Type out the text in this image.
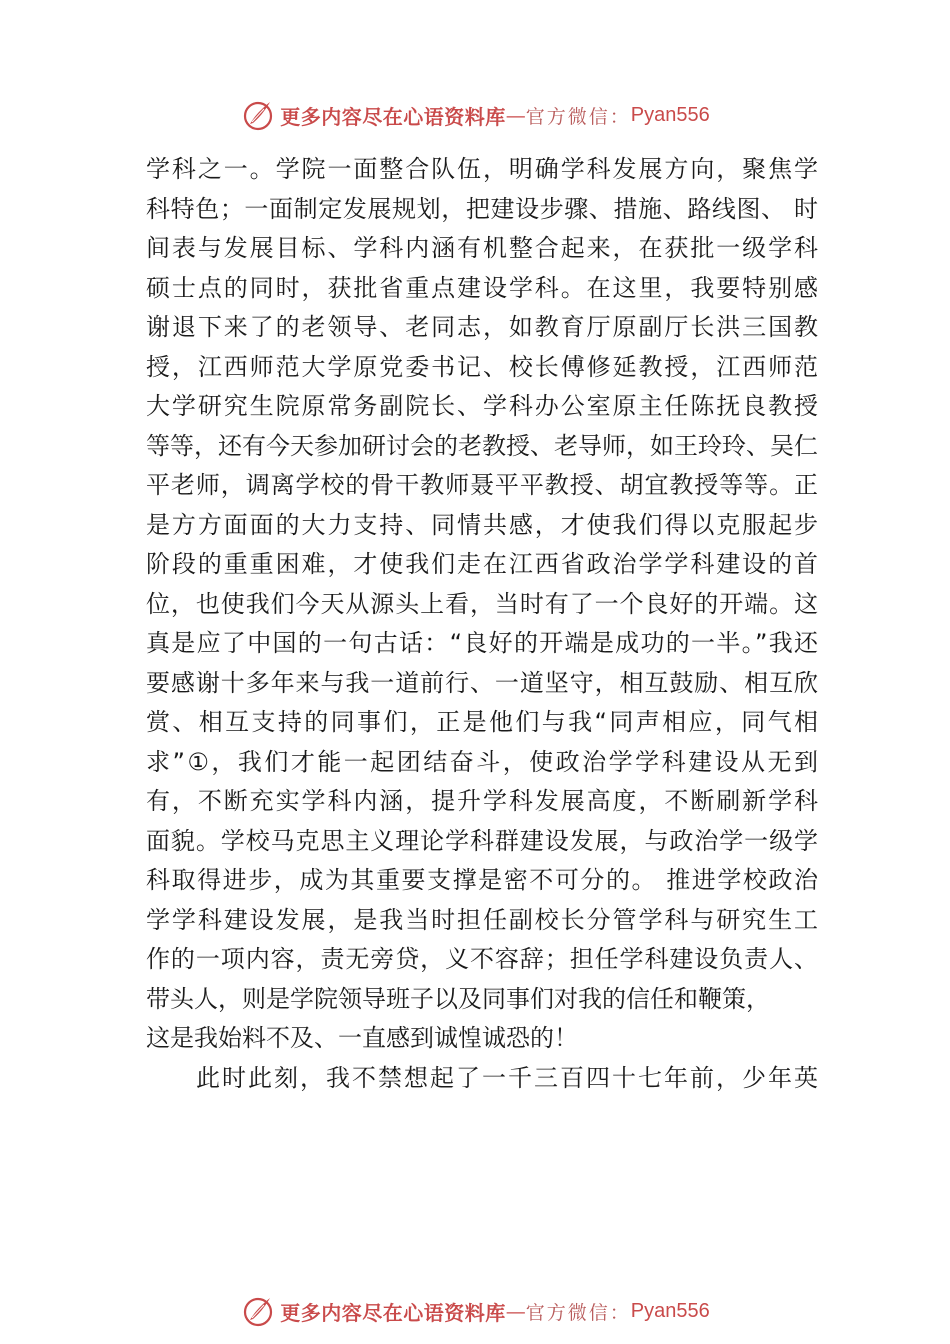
更多内容尽在心语资料库 — 官方微信 ： Pyan556
学科之一。学院一面整合队伍，明确学科发展方向，聚焦学
科特色；一面制定发展规划，把建设步骤、措施、路线图、 时
间表与发展目标、学科内涵有机整合起来，在获批一级学科
硕士点的同时，获批省重点建设学科。在这里，我要特别感
谢退下来了的老领导、老同志，如教育厅原副厅长洪三国教
授，江西师范大学原党委书记、校长傅修延教授，江西师范
大学研究生院原常务副院长、学科办公室原主任陈抚良教授
等等，还有今天参加研讨会的老教授、老导师，如王玲玲、吴仁
平老师，调离学校的骨干教师聂平平教授、胡宜教授等等。正
是方方面面的大力支持、同情共感，才使我们得以克服起步
阶段的重重困难，才使我们走在江西省政治学学科建设的首
位，也使我们今天从源头上看，当时有了一个良好的开端。这
真是应了中国的一句古话：“良好的开端是成功的一半。”我还
要感谢十多年来与我一道前行、一道坚守，相互鼓励、相互欣
赏、相互支持的同事们，正是他们与我“同声相应，同气相
求”①，我们才能一起团结奋斗，使政治学学科建设从无到
有，不断充实学科内涵，提升学科发展高度，不断刷新学科
面貌。学校马克思主义理论学科群建设发展，与政治学一级学
科取得进步，成为其重要支撑是密不可分的。 推进学校政治
学学科建设发展，是我当时担任副校长分管学科与研究生工
作的一项内容，责无旁贷，义不容辞；担任学科建设负责人、
带头人，则是学院领导班子以及同事们对我的信任和鞭策，
这是我始料不及、一直感到诚惶诚恐的！
此时此刻，我不禁想起了一千三百四十七年前，少年英
更多内容尽在心语资料库 — 官方微信 ： Pyan556
